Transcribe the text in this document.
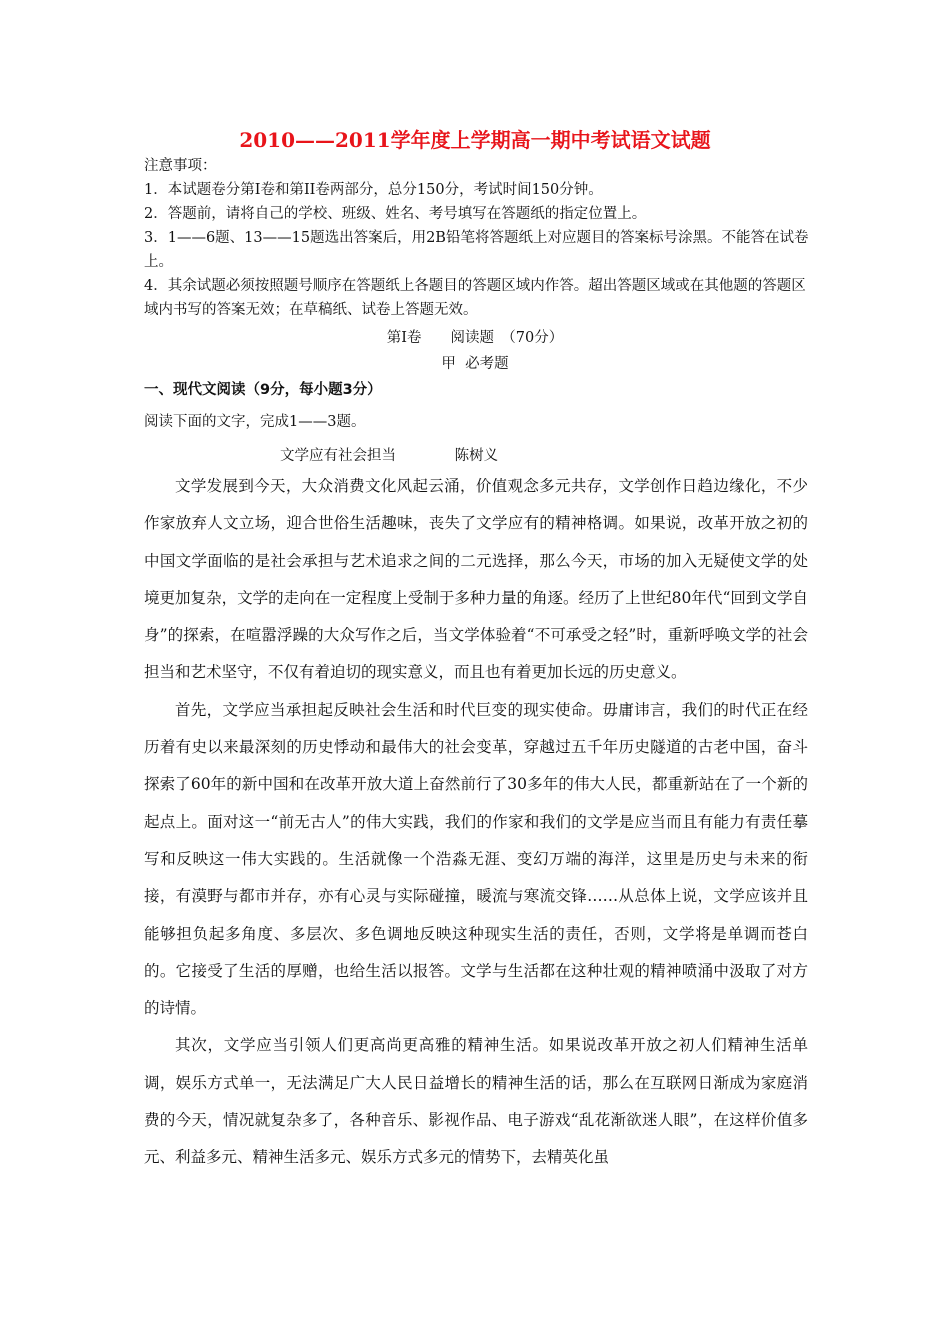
2010——2011学年度上学期高一期中考试语文试题
注意事项：
1．本试题卷分第Ⅰ卷和第II卷两部分，总分150分，考试时间150分钟。
2．答题前，请将自己的学校、班级、姓名、考号填写在答题纸的指定位置上。
3．1——6题、13——15题选出答案后，用2B铅笔将答题纸上对应题目的答案标号涂黑。不能答在试卷上。
4．其余试题必须按照题号顺序在答题纸上各题目的答题区域内作答。超出答题区域或在其他题的答题区域内书写的答案无效；在草稿纸、试卷上答题无效。
第Ⅰ卷　　阅读题　（70分）
甲  必考题
一、现代文阅读（9分，每小题3分）
阅读下面的文字，完成1——3题。
文学应有社会担当	陈树义

文学发展到今天，大众消费文化风起云涌，价值观念多元共存，文学创作日趋边缘化，不少作家放弃人文立场，迎合世俗生活趣味，丧失了文学应有的精神格调。如果说，改革开放之初的中国文学面临的是社会承担与艺术追求之间的二元选择，那么今天，市场的加入无疑使文学的处境更加复杂，文学的走向在一定程度上受制于多种力量的角逐。经历了上世纪80年代“回到文学自身”的探索，在喧嚣浮躁的大众写作之后，当文学体验着“不可承受之轻”时，重新呼唤文学的社会担当和艺术坚守，不仅有着迫切的现实意义，而且也有着更加长远的历史意义。

首先，文学应当承担起反映社会生活和时代巨变的现实使命。毋庸讳言，我们的时代正在经历着有史以来最深刻的历史悸动和最伟大的社会变革，穿越过五千年历史隧道的古老中国，奋斗探索了60年的新中国和在改革开放大道上奋然前行了30多年的伟大人民，都重新站在了一个新的起点上。面对这一“前无古人”的伟大实践，我们的作家和我们的文学是应当而且有能力有责任摹写和反映这一伟大实践的。生活就像一个浩淼无涯、变幻万端的海洋，这里是历史与未来的衔接，有漠野与都市并存，亦有心灵与实际碰撞，暖流与寒流交锋……从总体上说，文学应该并且能够担负起多角度、多层次、多色调地反映这种现实生活的责任，否则，文学将是单调而苍白的。它接受了生活的厚赠，也给生活以报答。文学与生活都在这种壮观的精神喷涌中汲取了对方的诗情。

其次，文学应当引领人们更高尚更高雅的精神生活。如果说改革开放之初人们精神生活单调，娱乐方式单一，无法满足广大人民日益增长的精神生活的话，那么在互联网日渐成为家庭消费的今天，情况就复杂多了，各种音乐、影视作品、电子游戏“乱花渐欲迷人眼”，在这样价值多元、利益多元、精神生活多元、娱乐方式多元的情势下，去精英化虽
